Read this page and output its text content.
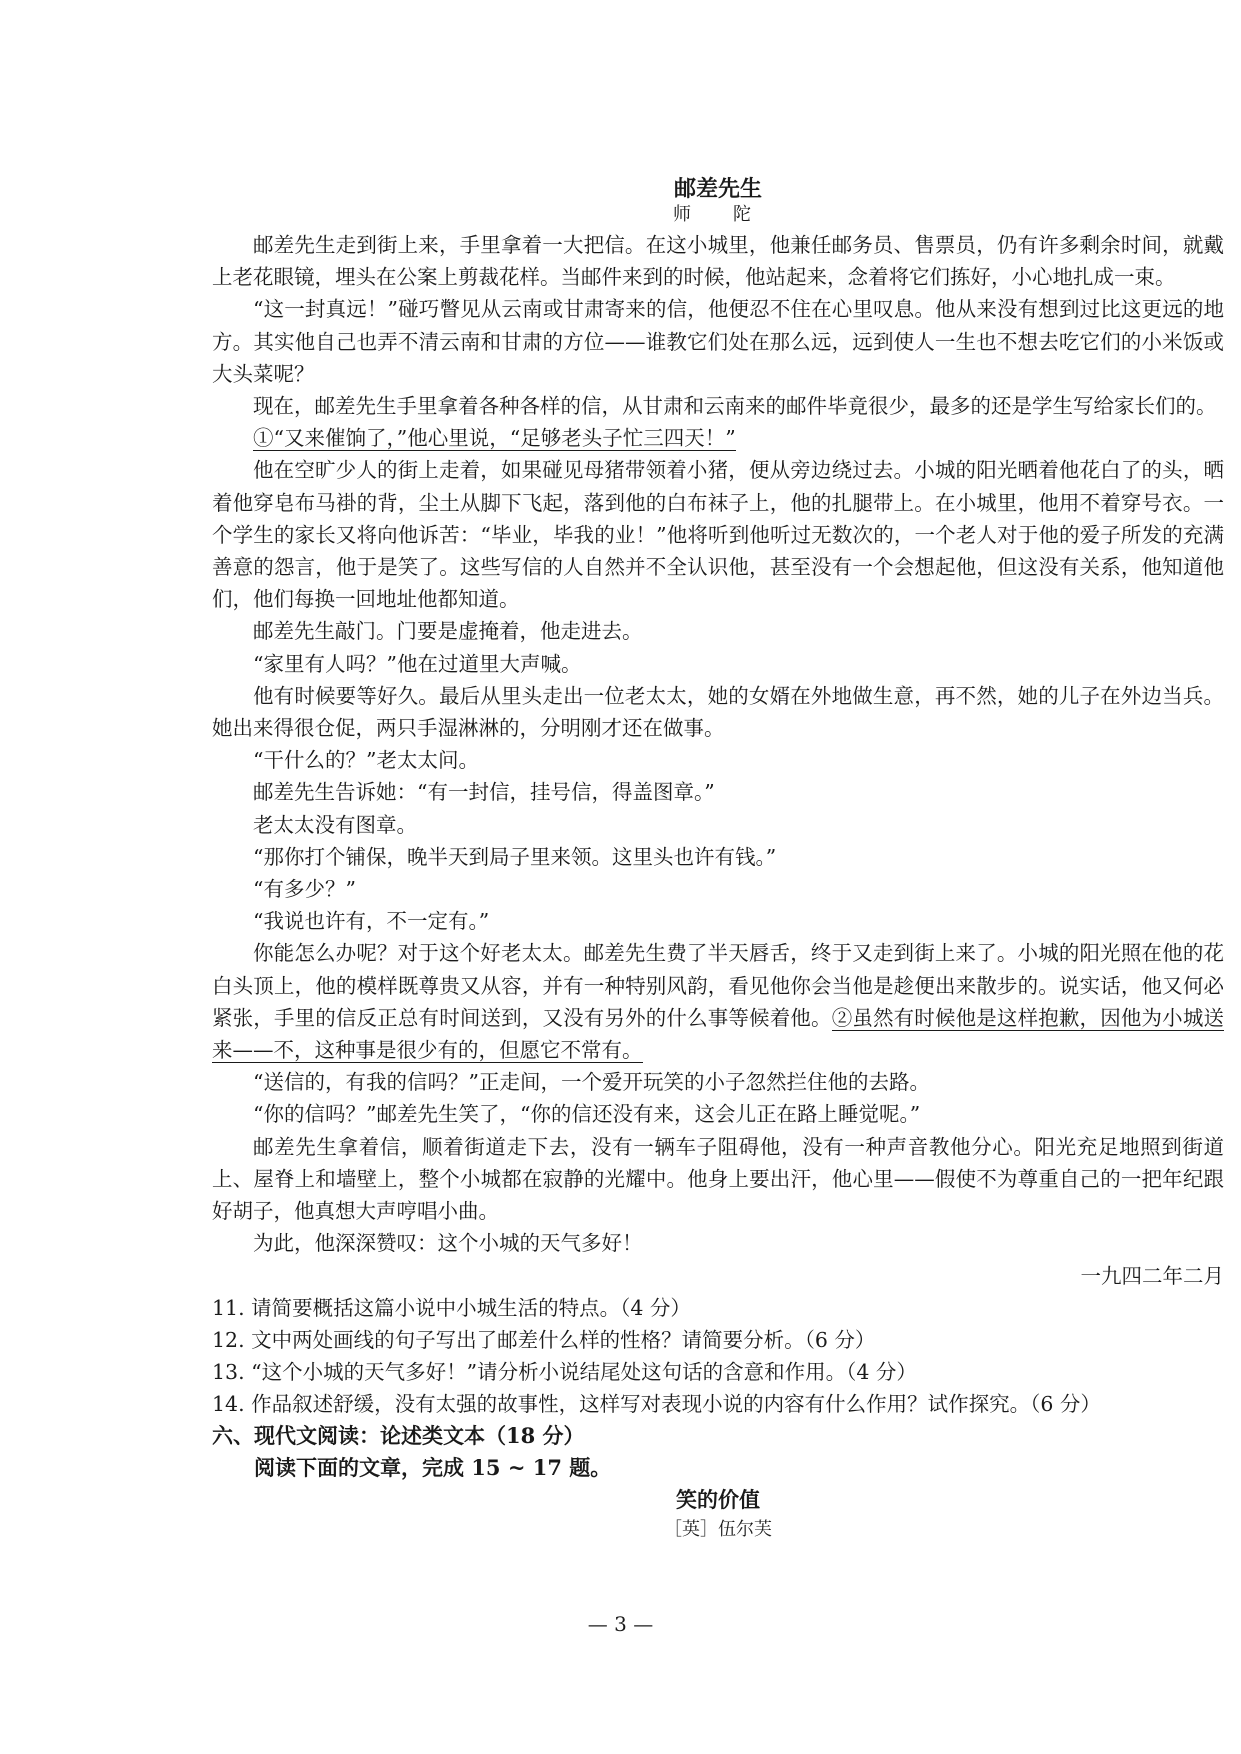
邮差先生

师　陀

邮差先生走到街上来，手里拿着一大把信。在这小城里，他兼任邮务员、售票员，仍有许多剩余时间，就戴上老花眼镜，埋头在公案上剪裁花样。当邮件来到的时候，他站起来，念着将它们拣好，小心地扎成一束。

“这一封真远！”碰巧瞥见从云南或甘肃寄来的信，他便忍不住在心里叹息。他从来没有想到过比这更远的地方。其实他自己也弄不清云南和甘肃的方位——谁教它们处在那么远，远到使人一生也不想去吃它们的小米饭或大头菜呢？

现在，邮差先生手里拿着各种各样的信，从甘肃和云南来的邮件毕竟很少，最多的还是学生写给家长们的。

①“又来催饷了，”他心里说，“足够老头子忙三四天！”

他在空旷少人的街上走着，如果碰见母猪带领着小猪，便从旁边绕过去。小城的阳光晒着他花白了的头，晒着他穿皂布马褂的背，尘土从脚下飞起，落到他的白布袜子上，他的扎腿带上。在小城里，他用不着穿号衣。一个学生的家长又将向他诉苦：“毕业，毕我的业！”他将听到他听过无数次的，一个老人对于他的爱子所发的充满善意的怨言，他于是笑了。这些写信的人自然并不全认识他，甚至没有一个会想起他，但这没有关系，他知道他们，他们每换一回地址他都知道。

邮差先生敲门。门要是虚掩着，他走进去。

“家里有人吗？”他在过道里大声喊。

他有时候要等好久。最后从里头走出一位老太太，她的女婿在外地做生意，再不然，她的儿子在外边当兵。她出来得很仓促，两只手湿淋淋的，分明刚才还在做事。

“干什么的？”老太太问。

邮差先生告诉她：“有一封信，挂号信，得盖图章。”

老太太没有图章。

“那你打个铺保，晚半天到局子里来领。这里头也许有钱。”

“有多少？”

“我说也许有，不一定有。”

你能怎么办呢？对于这个好老太太。邮差先生费了半天唇舌，终于又走到街上来了。小城的阳光照在他的花白头顶上，他的模样既尊贵又从容，并有一种特别风韵，看见他你会当他是趁便出来散步的。说实话，他又何必紧张，手里的信反正总有时间送到，又没有另外的什么事等候着他。②虽然有时候他是这样抱歉，因他为小城送来——不，这种事是很少有的，但愿它不常有。

“送信的，有我的信吗？”正走间，一个爱开玩笑的小子忽然拦住他的去路。

“你的信吗？”邮差先生笑了，“你的信还没有来，这会儿正在路上睡觉呢。”

邮差先生拿着信，顺着街道走下去，没有一辆车子阻碍他，没有一种声音教他分心。阳光充足地照到街道上、屋脊上和墙壁上，整个小城都在寂静的光耀中。他身上要出汗，他心里——假使不为尊重自己的一把年纪跟好胡子，他真想大声哼唱小曲。

为此，他深深赞叹：这个小城的天气多好！

一九四二年二月

11. 请简要概括这篇小说中小城生活的特点。（4 分）

12. 文中两处画线的句子写出了邮差什么样的性格？请简要分析。（6 分）

13. “这个小城的天气多好！”请分析小说结尾处这句话的含意和作用。（4 分）

14. 作品叙述舒缓，没有太强的故事性，这样写对表现小说的内容有什么作用？试作探究。（6 分）

六、现代文阅读：论述类文本（18 分）

阅读下面的文章，完成 15 ~ 17 题。

笑的价值

［英］伍尔芙

— 3 —
